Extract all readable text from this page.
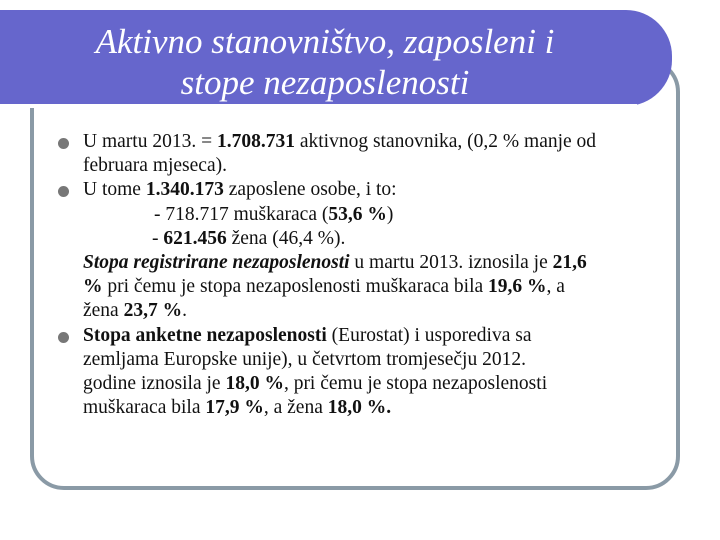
Aktivno stanovništvo, zaposleni i
stope nezaposlenosti
U martu 2013. = 1.708.731 aktivnog stanovnika, (0,2 % manje od
februara mjeseca).
U tome 1.340.173 zaposlene osobe, i to:
- 718.717 muškaraca (53,6 %)
- 621.456 žena (46,4 %).
Stopa registrirane nezaposlenosti u martu 2013. iznosila je 21,6
% pri čemu je stopa nezaposlenosti muškaraca bila 19,6 %, a
žena 23,7 %.
Stopa anketne nezaposlenosti (Eurostat) i usporediva sa
zemljama Europske unije), u četvrtom tromjesečju 2012.
godine iznosila je 18,0 %, pri čemu je stopa nezaposlenosti
muškaraca bila 17,9 %, a žena 18,0 %.
